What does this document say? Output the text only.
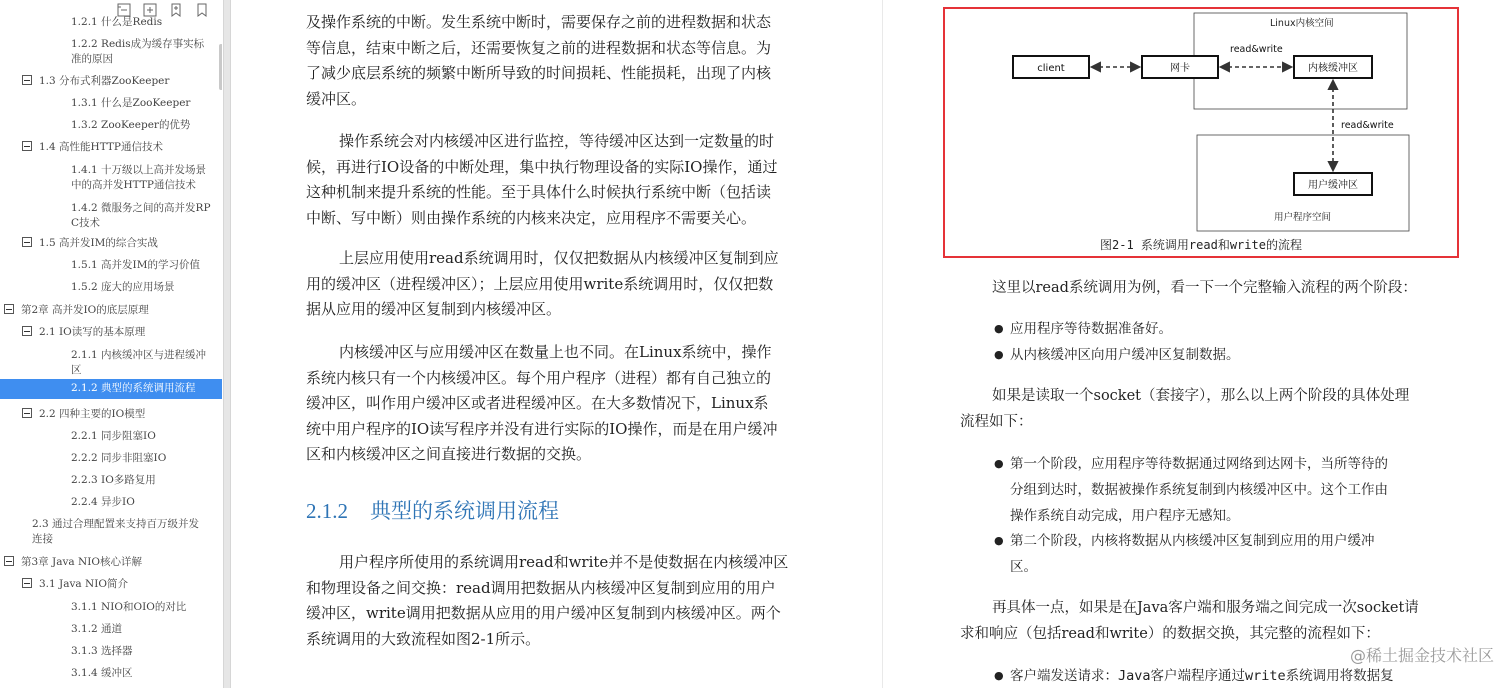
1.2.1 什么是Redis
1.2.2 Redis成为缓存事实标
准的原因
1.3 分布式利器ZooKeeper
1.3.1 什么是ZooKeeper
1.3.2 ZooKeeper的优势
1.4 高性能HTTP通信技术
1.4.1 十万级以上高并发场景
中的高并发HTTP通信技术
1.4.2 微服务之间的高并发RP
C技术
1.5 高并发IM的综合实战
1.5.1 高并发IM的学习价值
1.5.2 庞大的应用场景
第2章 高并发IO的底层原理
2.1 IO读写的基本原理
2.1.1 内核缓冲区与进程缓冲
区
2.1.2 典型的系统调用流程
2.2 四种主要的IO模型
2.2.1 同步阻塞IO
2.2.2 同步非阻塞IO
2.2.3 IO多路复用
2.2.4 异步IO
2.3 通过合理配置来支持百万级并发
连接
第3章 Java NIO核心详解
3.1 Java NIO简介
3.1.1 NIO和OIO的对比
3.1.2 通道
3.1.3 选择器
3.1.4 缓冲区
及操作系统的中断。发生系统中断时，需要保存之前的进程数据和状态
等信息，结束中断之后，还需要恢复之前的进程数据和状态等信息。为
了减少底层系统的频繁中断所导致的时间损耗、性能损耗，出现了内核
缓冲区。
操作系统会对内核缓冲区进行监控，等待缓冲区达到一定数量的时
候，再进行IO设备的中断处理，集中执行物理设备的实际IO操作，通过
这种机制来提升系统的性能。至于具体什么时候执行系统中断（包括读
中断、写中断）则由操作系统的内核来决定，应用程序不需要关心。
上层应用使用read系统调用时，仅仅把数据从内核缓冲区复制到应
用的缓冲区（进程缓冲区）；上层应用使用write系统调用时，仅仅把数
据从应用的缓冲区复制到内核缓冲区。
内核缓冲区与应用缓冲区在数量上也不同。在Linux系统中，操作
系统内核只有一个内核缓冲区。每个用户程序（进程）都有自己独立的
缓冲区，叫作用户缓冲区或者进程缓冲区。在大多数情况下，Linux系
统中用户程序的IO读写程序并没有进行实际的IO操作，而是在用户缓冲
区和内核缓冲区之间直接进行数据的交换。
2.1.2 典型的系统调用流程
用户程序所使用的系统调用read和write并不是使数据在内核缓冲区
和物理设备之间交换：read调用把数据从内核缓冲区复制到应用的用户
缓冲区，write调用把数据从应用的用户缓冲区复制到内核缓冲区。两个
系统调用的大致流程如图2-1所示。
Linux内核空间
用户程序空间
client	网卡	内核缓冲区
用户缓冲区
read&write
read&write
图2-1 系统调用read和write的流程
这里以read系统调用为例，看一下一个完整输入流程的两个阶段：
● 应用程序等待数据准备好。
● 从内核缓冲区向用户缓冲区复制数据。
如果是读取一个socket（套接字），那么以上两个阶段的具体处理
流程如下：
● 第一个阶段，应用程序等待数据通过网络到达网卡，当所等待的
分组到达时，数据被操作系统复制到内核缓冲区中。这个工作由
操作系统自动完成，用户程序无感知。
● 第二个阶段，内核将数据从内核缓冲区复制到应用的用户缓冲
区。
再具体一点，如果是在Java客户端和服务端之间完成一次socket请
求和响应（包括read和write）的数据交换，其完整的流程如下：
● 客户端发送请求：Java客户端程序通过write系统调用将数据复
@稀土掘金技术社区
